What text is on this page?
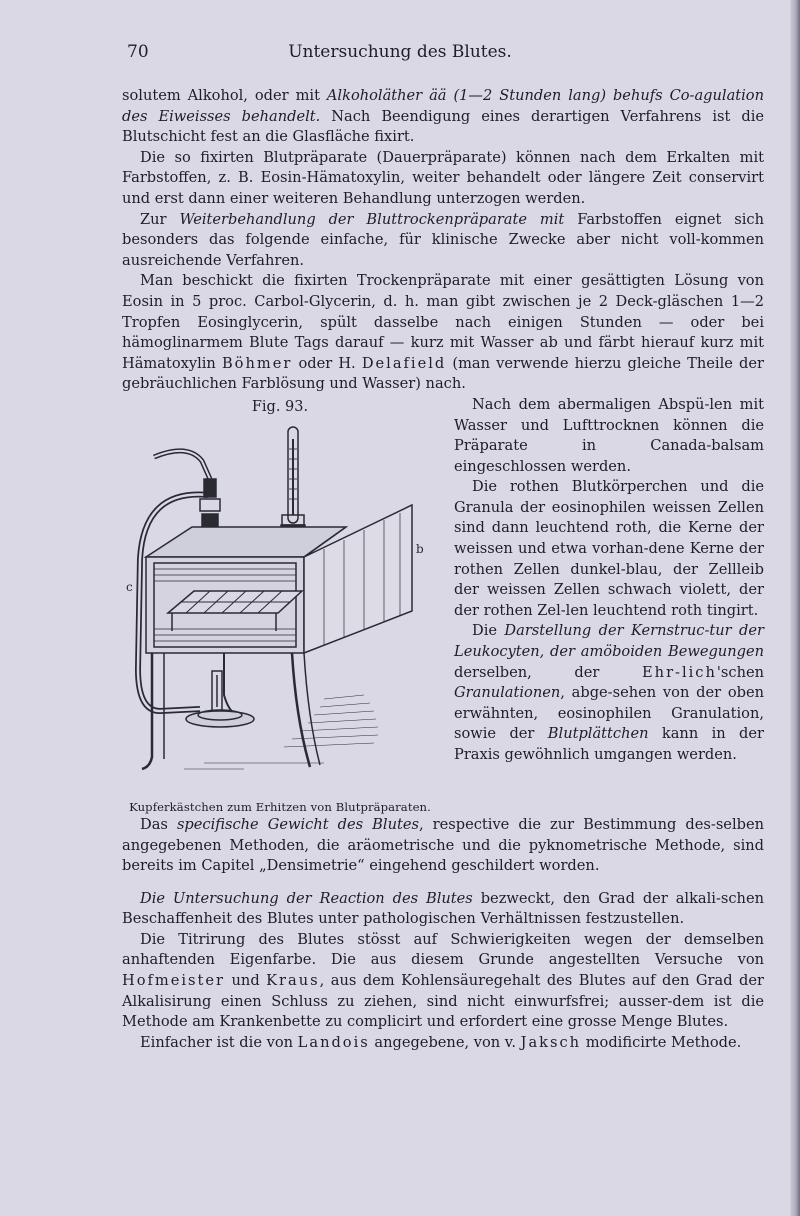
70	Untersuchung des Blutes.

solutem Alkohol, oder mit Alkoholäther ää (1—2 Stunden lang) behufs Co-agulation des Eiweisses behandelt. Nach Beendigung eines derartigen Verfahrens ist die Blutschicht fest an die Glasfläche fixirt.

Die so fixirten Blutpräparate (Dauerpräparate) können nach dem Erkalten mit Farbstoffen, z. B. Eosin-Hämatoxylin, weiter behandelt oder längere Zeit conservirt und erst dann einer weiteren Behandlung unterzogen werden.

Zur Weiterbehandlung der Bluttrockenpräparate mit Farbstoffen eignet sich besonders das folgende einfache, für klinische Zwecke aber nicht voll-kommen ausreichende Verfahren.

Man beschickt die fixirten Trockenpräparate mit einer gesättigten Lösung von Eosin in 5 proc. Carbol-Glycerin, d. h. man gibt zwischen je 2 Deck-gläschen 1—2 Tropfen Eosinglycerin, spült dasselbe nach einigen Stunden — oder bei hämoglinarmem Blute Tags darauf — kurz mit Wasser ab und färbt hierauf kurz mit Hämatoxylin Böhmer oder H. Delafield (man verwende hierzu gleiche Theile der gebräuchlichen Farblösung und Wasser) nach.

Fig. 93.
c
b
Kupferkästchen zum Erhitzen von Blutpräparaten.

Nach dem abermaligen Abspü-len mit Wasser und Lufttrocknen können die Präparate in Canada-balsam eingeschlossen werden.

Die rothen Blutkörperchen und die Granula der eosinophilen weissen Zellen sind dann leuchtend roth, die Kerne der weissen und etwa vorhan-dene Kerne der rothen Zellen dunkel-blau, der Zellleib der weissen Zellen schwach violett, der der rothen Zel-len leuchtend roth tingirt.

Die Darstellung der Kernstruc-tur der Leukocyten, der amöboiden Bewegungen derselben, der Ehr-lich'schen Granulationen, abge-sehen von der oben erwähnten, eosinophilen Granulation, sowie der Blutplättchen kann in der Praxis gewöhnlich umgangen werden.

Das specifische Gewicht des Blutes, respective die zur Bestimmung des-selben angegebenen Methoden, die aräometrische und die pyknometrische Methode, sind bereits im Capitel „Densimetrie“ eingehend geschildert worden.

Die Untersuchung der Reaction des Blutes bezweckt, den Grad der alkali-schen Beschaffenheit des Blutes unter pathologischen Verhältnissen festzustellen.

Die Titrirung des Blutes stösst auf Schwierigkeiten wegen der demselben anhaftenden Eigenfarbe. Die aus diesem Grunde angestellten Versuche von Hofmeister und Kraus, aus dem Kohlensäuregehalt des Blutes auf den Grad der Alkalisirung einen Schluss zu ziehen, sind nicht einwurfsfrei; ausser-dem ist die Methode am Krankenbette zu complicirt und erfordert eine grosse Menge Blutes.

Einfacher ist die von Landois angegebene, von v. Jaksch modificirte Methode.
